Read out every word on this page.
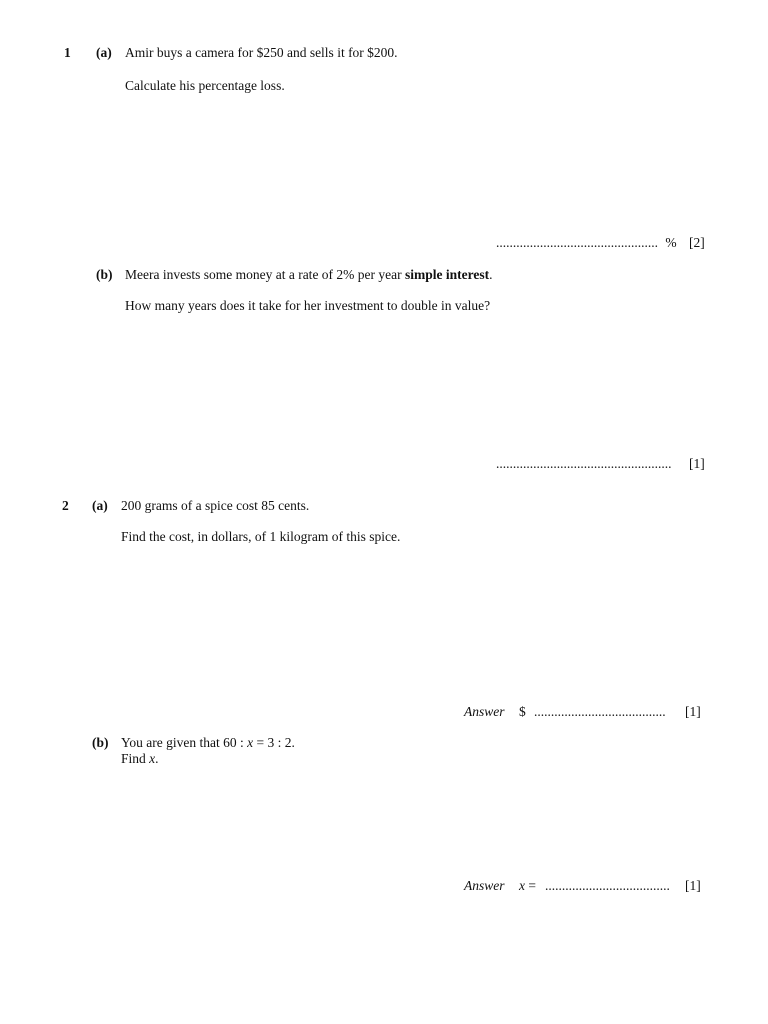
1 (a) Amir buys a camera for $250 and sells it for $200.
Calculate his percentage loss.
................................................ % [2]
(b) Meera invests some money at a rate of 2% per year simple interest.
How many years does it take for her investment to double in value?
.................................................... [1]
2 (a) 200 grams of a spice cost 85 cents.
Find the cost, in dollars, of 1 kilogram of this spice.
Answer $ ....................................... [1]
(b) You are given that 60 : x = 3 : 2.
Find x.
Answer x = ..................................... [1]
